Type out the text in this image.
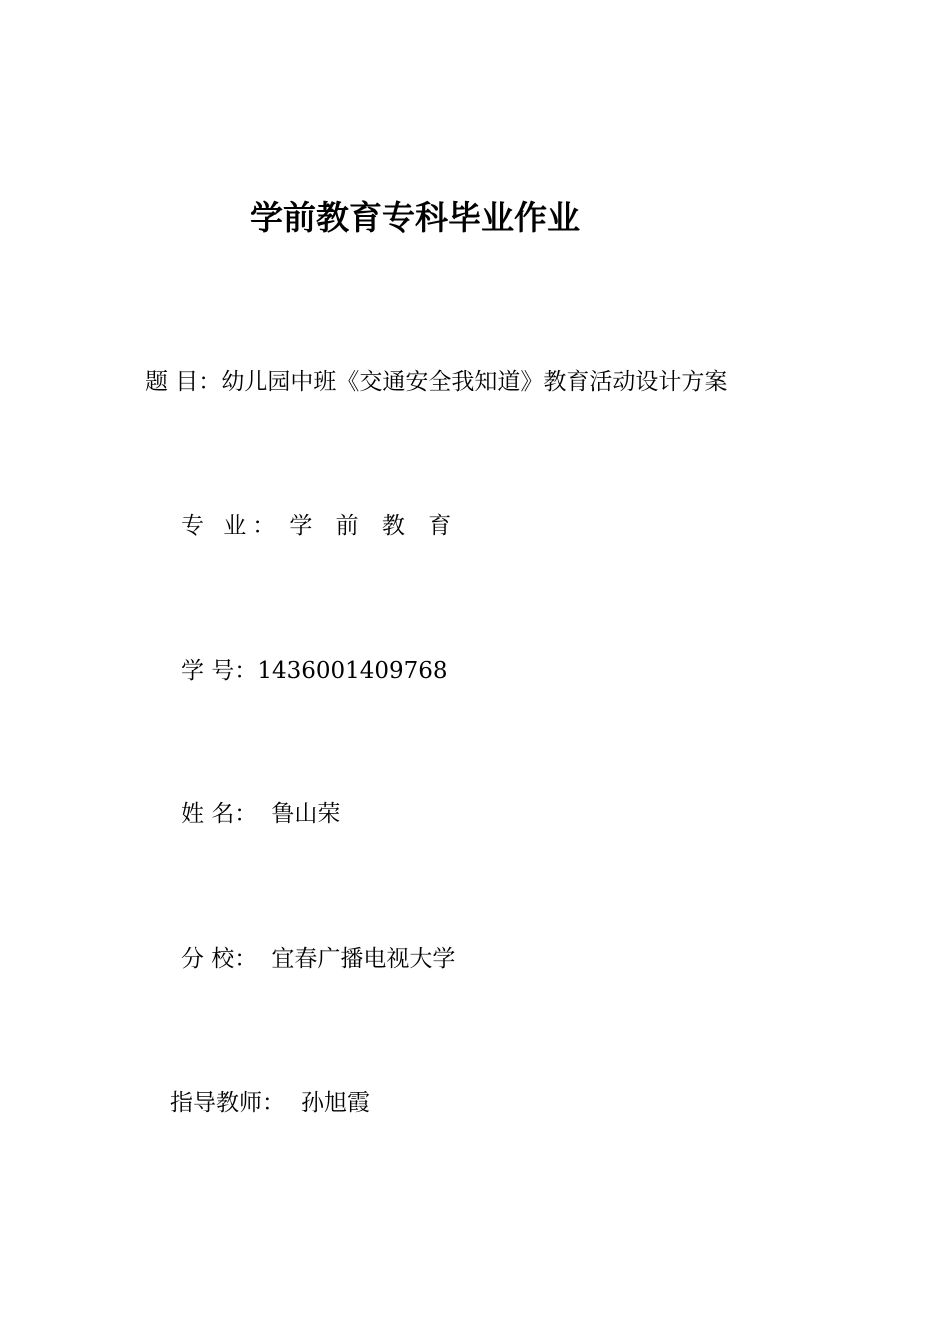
学前教育专科毕业作业
题 目：幼儿园中班《交通安全我知道》教育活动设计方案
专 业： 学 前 教 育
学 号：1436001409768
姓 名： 鲁山荣
分 校： 宜春广播电视大学
指导教师： 孙旭霞
